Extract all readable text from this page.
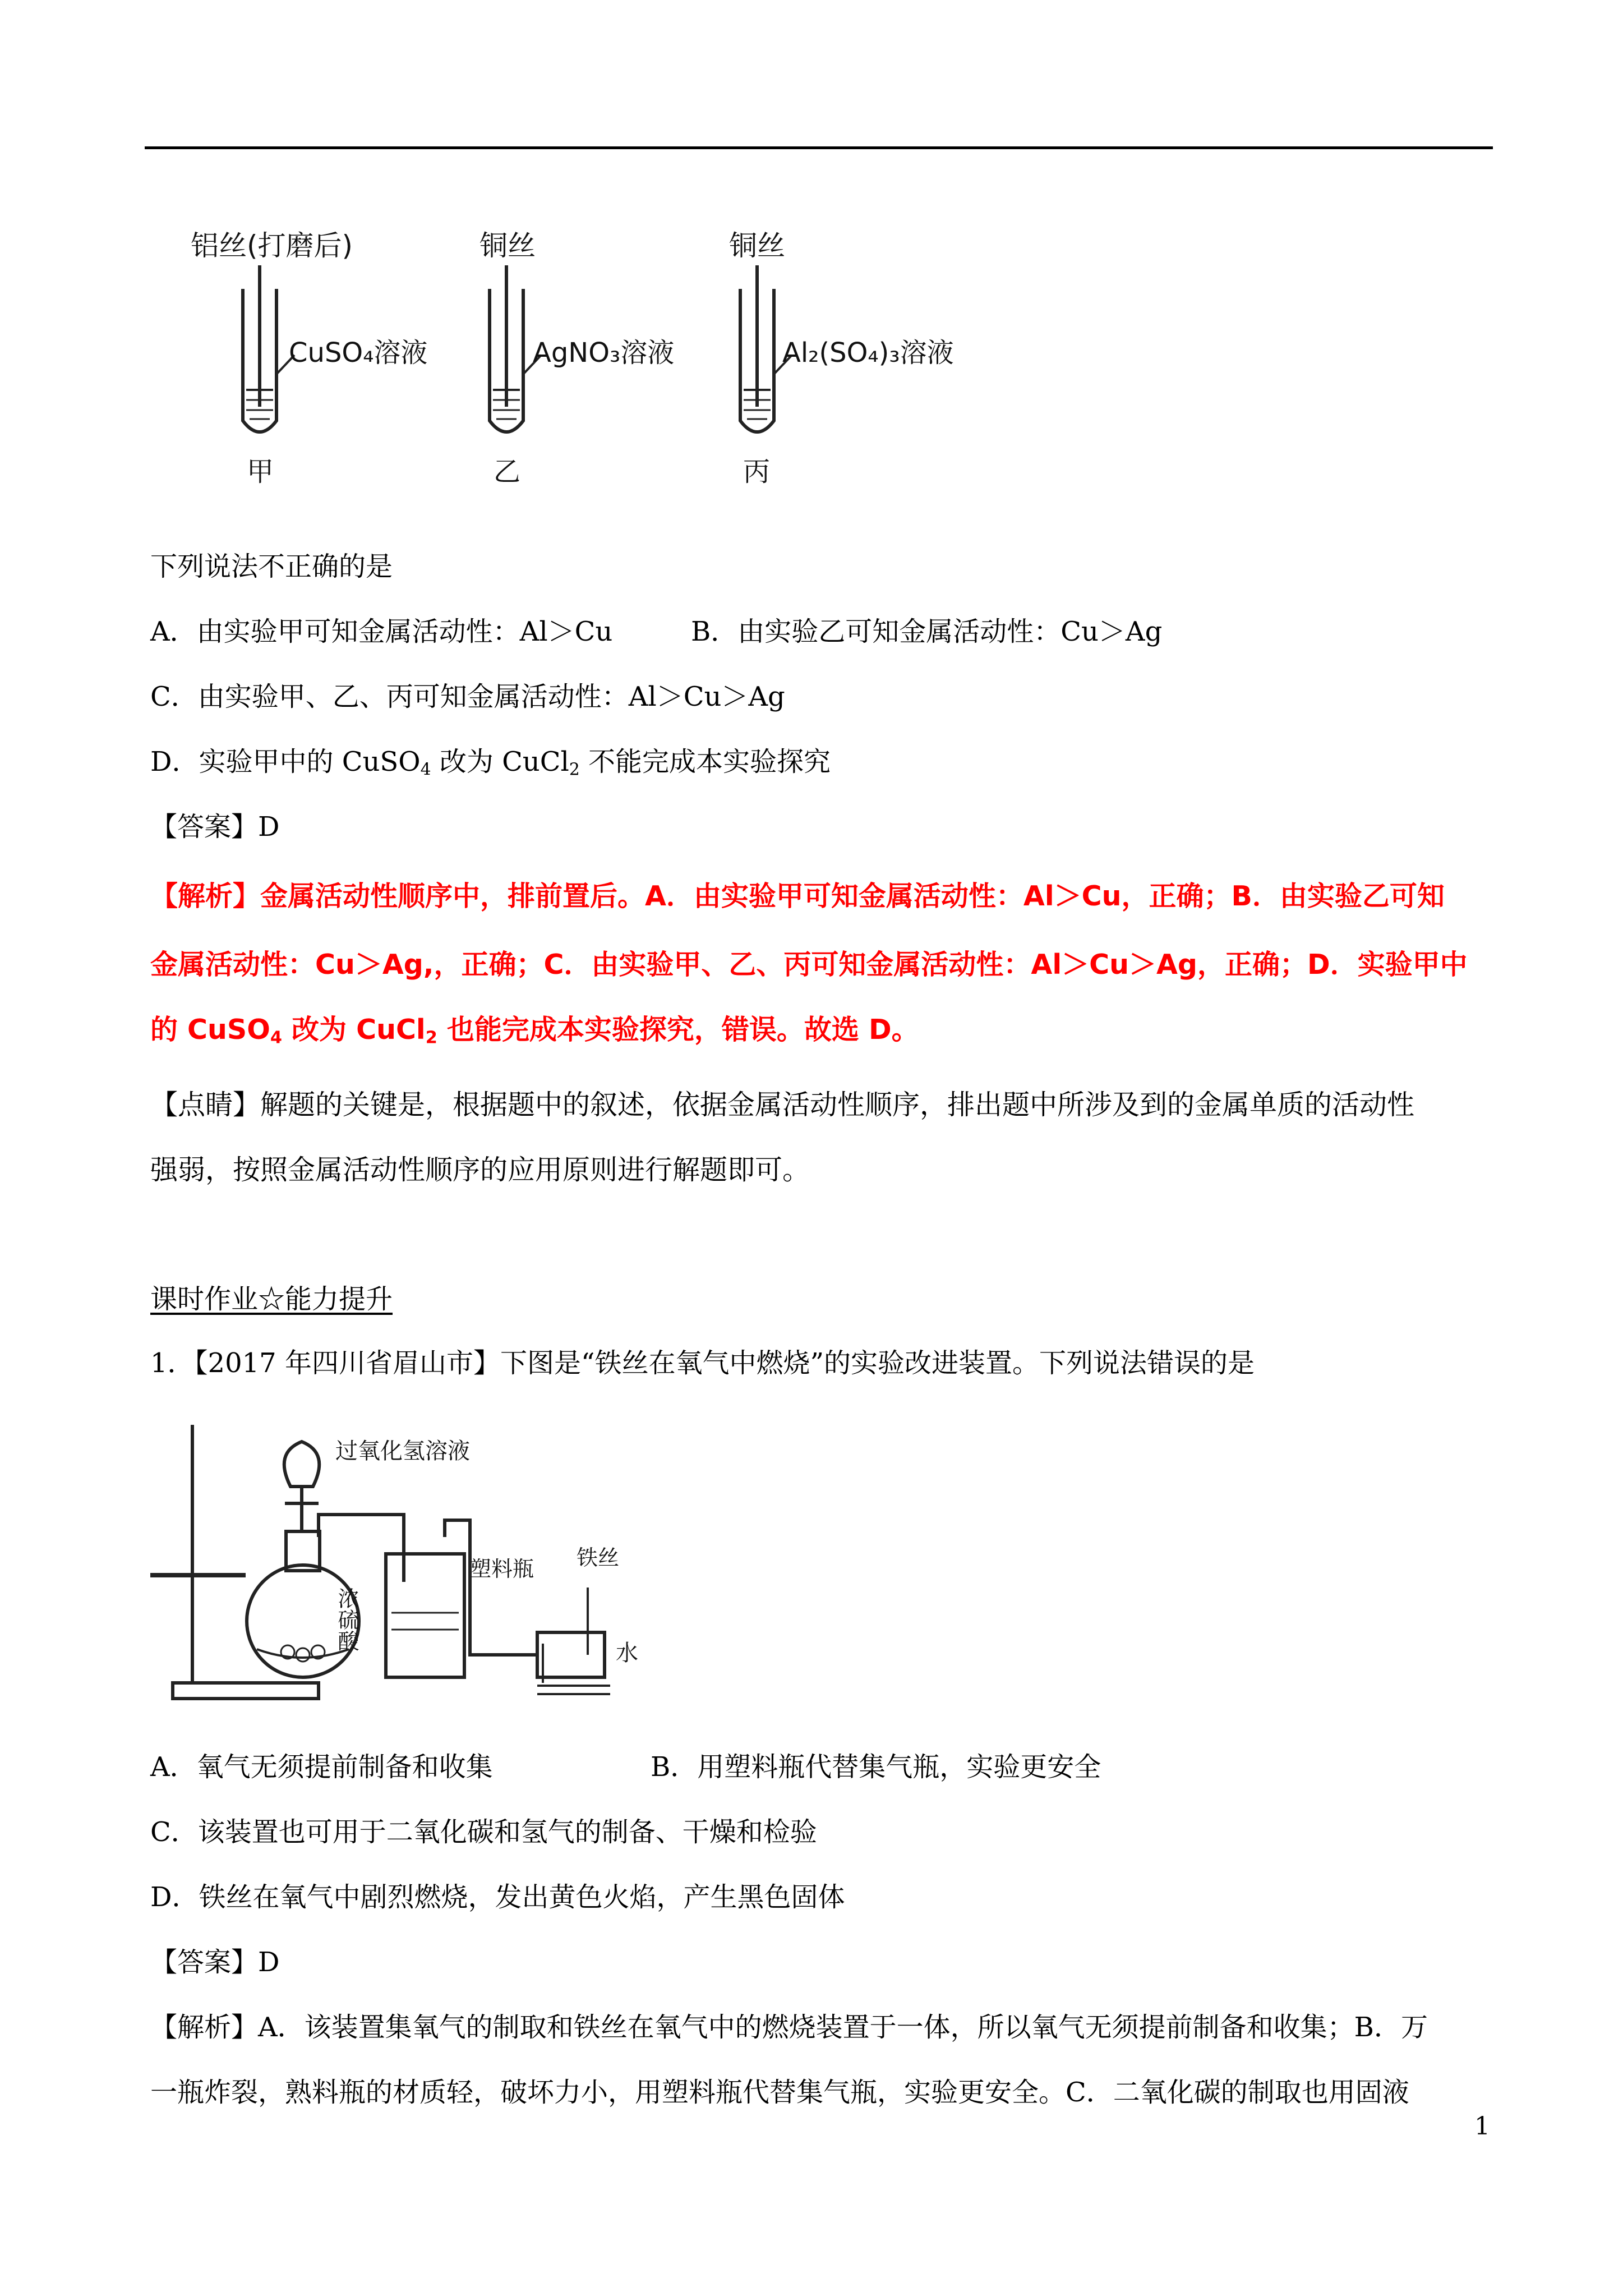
铝丝(打磨后)
CuSO₄溶液
甲
铜丝
AgNO₃溶液
乙
铜丝
Al₂(SO₄)₃溶液
丙
下列说法不正确的是
A．由实验甲可知金属活动性：Al＞Cu	B．由实验乙可知金属活动性：Cu＞Ag
C．由实验甲、乙、丙可知金属活动性：Al＞Cu＞Ag
D．实验甲中的 CuSO$_4$ 改为 CuCl$_2$ 不能完成本实验探究
【答案】D
【解析】金属活动性顺序中，排前置后。A．由实验甲可知金属活动性：Al＞Cu，正确；B．由实验乙可知
金属活动性：Cu＞Ag,，正确；C．由实验甲、乙、丙可知金属活动性：Al＞Cu＞Ag，正确；D．实验甲中
的 CuSO$_4$ 改为 CuCl$_2$ 也能完成本实验探究，错误。故选 D。
【点睛】解题的关键是，根据题中的叙述，依据金属活动性顺序，排出题中所涉及到的金属单质的活动性
强弱，按照金属活动性顺序的应用原则进行解题即可。
课时作业☆能力提升
1．【2017 年四川省眉山市】下图是“铁丝在氧气中燃烧”的实验改进装置。下列说法错误的是
过氧化氢溶液
浓硫酸
塑料瓶 铁丝
水
A．氧气无须提前制备和收集	B．用塑料瓶代替集气瓶，实验更安全
C．该装置也可用于二氧化碳和氢气的制备、干燥和检验
D．铁丝在氧气中剧烈燃烧，发出黄色火焰，产生黑色固体
【答案】D
【解析】A．该装置集氧气的制取和铁丝在氧气中的燃烧装置于一体，所以氧气无须提前制备和收集；B．万
一瓶炸裂，熟料瓶的材质轻，破坏力小，用塑料瓶代替集气瓶，实验更安全。C．二氧化碳的制取也用固液
1
